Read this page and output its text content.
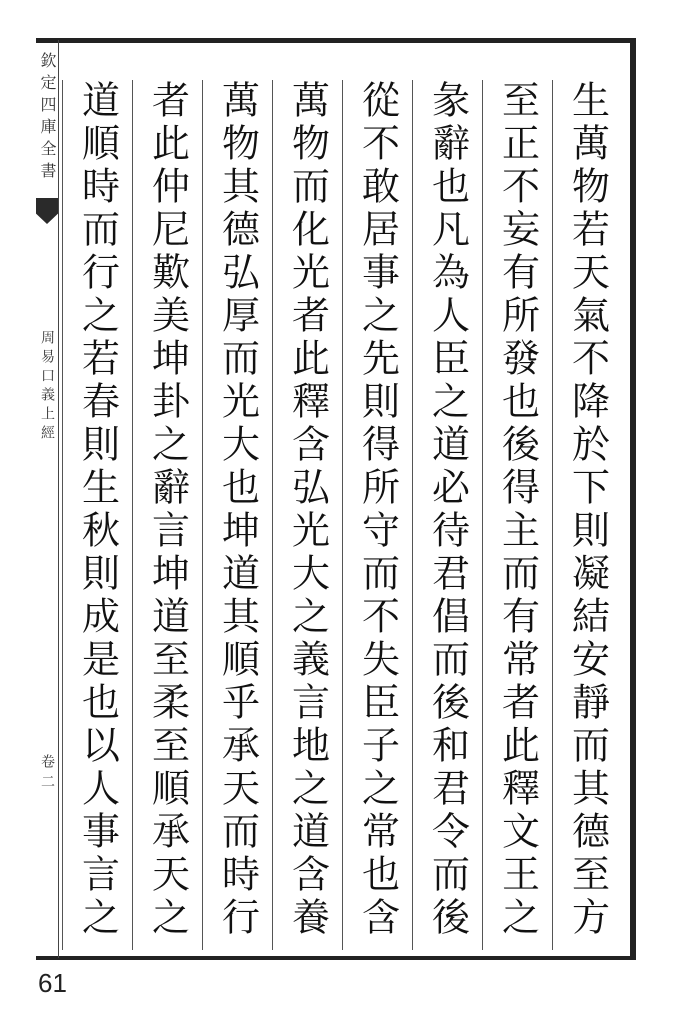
欽定四庫全書
周易口義上經
卷二	生萬物若天氣不降於下則凝結安靜而其德至方
至正不妄有所發也後得主而有常者此釋文王之
彖辭也凡為人臣之道必待君倡而後和君令而後
從不敢居事之先則得所守而不失臣子之常也含
萬物而化光者此釋含弘光大之義言地之道含養
萬物其德弘厚而光大也坤道其順乎承天而時行
者此仲尼歎美坤卦之辭言坤道至柔至順承天之
道順時而行之若春則生秋則成是也以人事言之
61
